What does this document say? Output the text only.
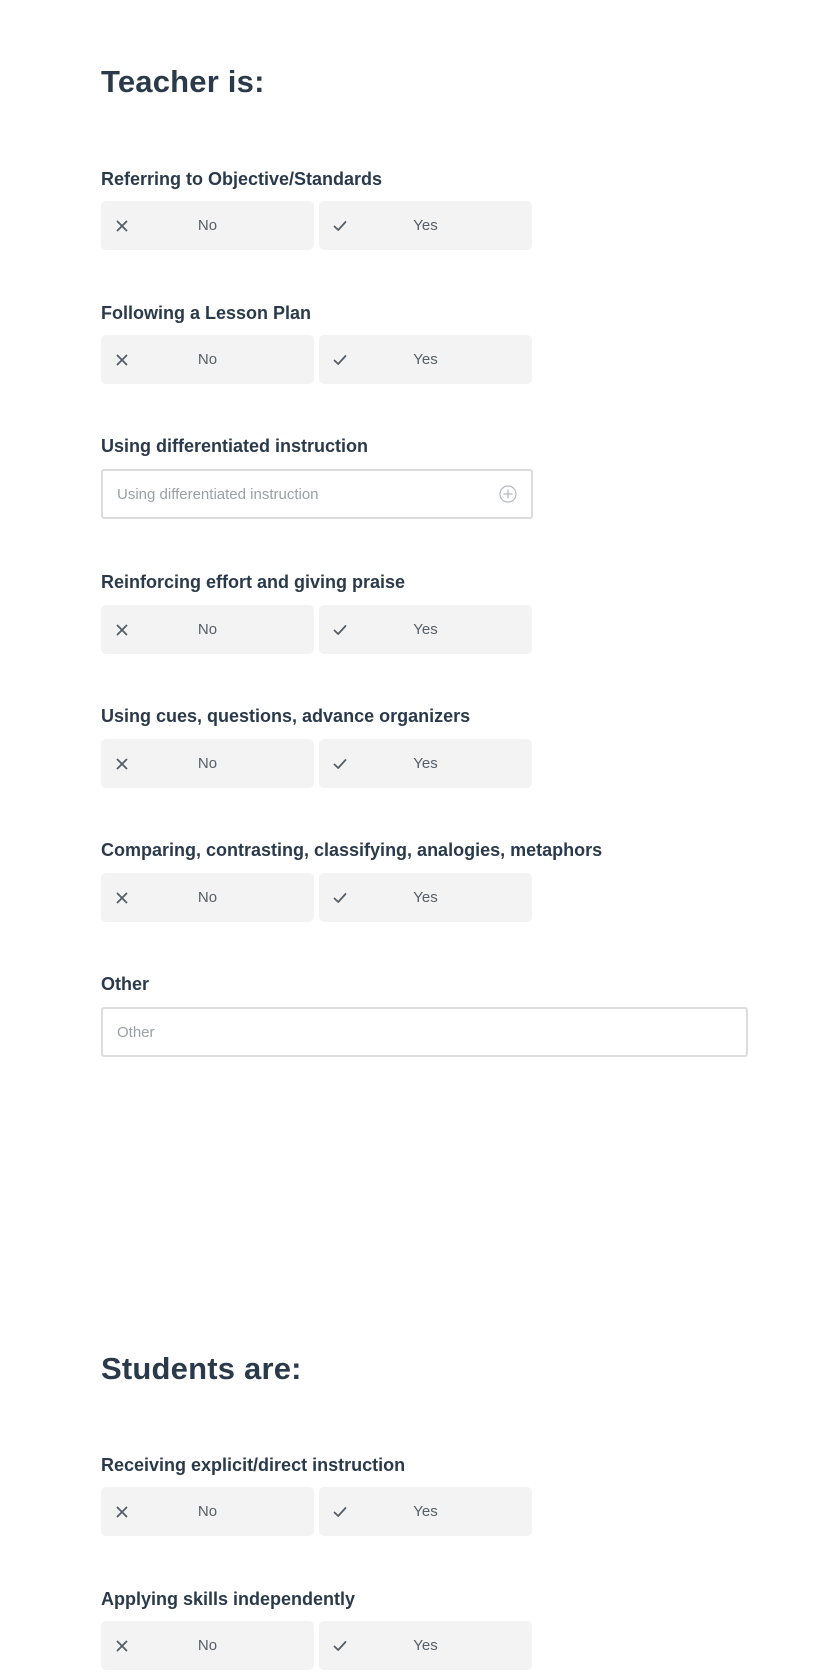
Teacher is:
Referring to Objective/Standards
No	Yes
Following a Lesson Plan
No	Yes
Using differentiated instruction
Using differentiated instruction
Reinforcing effort and giving praise
No	Yes
Using cues, questions, advance organizers
No	Yes
Comparing, contrasting, classifying, analogies, metaphors
No	Yes
Other
Other
Students are:
Receiving explicit/direct instruction
No	Yes
Applying skills independently
No	Yes
